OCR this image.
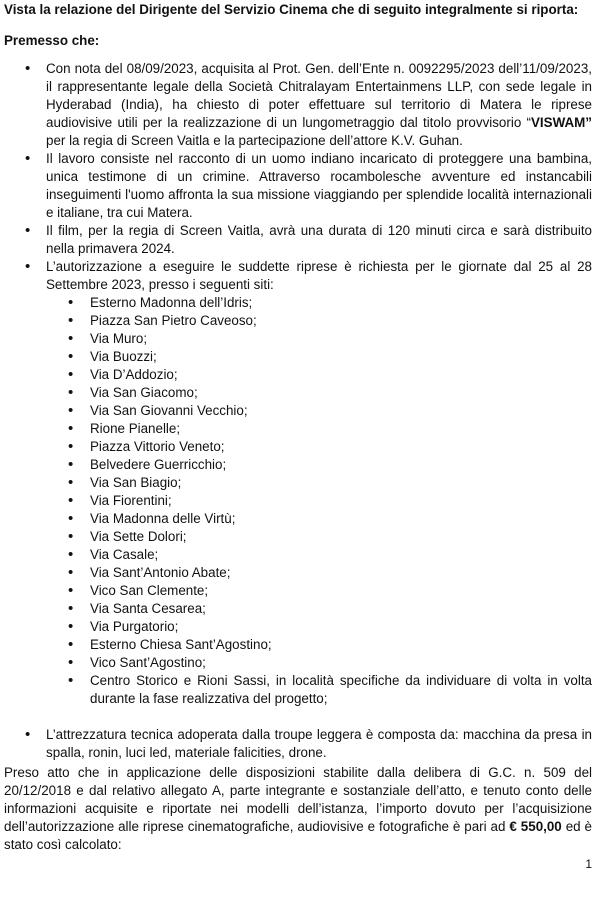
Vista la relazione del Dirigente del Servizio Cinema che di seguito integralmente si riporta:
Premesso che:
• Con nota del 08/09/2023, acquisita al Prot. Gen. dell’Ente n. 0092295/2023 dell’11/09/2023, il rappresentante legale della Società Chitralayam Entertainmens LLP, con sede legale in Hyderabad (India), ha chiesto di poter effettuare sul territorio di Matera le riprese audiovisive utili per la realizzazione di un lungometraggio dal titolo provvisorio “VISWAM” per la regia di Screen Vaitla e la partecipazione dell’attore K.V. Guhan.
• Il lavoro consiste nel racconto di un uomo indiano incaricato di proteggere una bambina, unica testimone di un crimine. Attraverso rocambolesche avventure ed instancabili inseguimenti l'uomo affronta la sua missione viaggiando per splendide località internazionali e italiane, tra cui Matera.
• Il film, per la regia di Screen Vaitla, avrà una durata di 120 minuti circa e sarà distribuito nella primavera 2024.
• L’autorizzazione a eseguire le suddette riprese è richiesta per le giornate dal 25 al 28 Settembre 2023, presso i seguenti siti:
• Esterno Madonna dell’Idris;
• Piazza San Pietro Caveoso;
• Via Muro;
• Via Buozzi;
• Via D’Addozio;
• Via San Giacomo;
• Via San Giovanni Vecchio;
• Rione Pianelle;
• Piazza Vittorio Veneto;
• Belvedere Guerricchio;
• Via San Biagio;
• Via Fiorentini;
• Via Madonna delle Virtù;
• Via Sette Dolori;
• Via Casale;
• Via Sant’Antonio Abate;
• Vico San Clemente;
• Via Santa Cesarea;
• Via Purgatorio;
• Esterno Chiesa Sant’Agostino;
• Vico Sant’Agostino;
• Centro Storico e Rioni Sassi, in località specifiche da individuare di volta in volta durante la fase realizzativa del progetto;
• L’attrezzatura tecnica adoperata dalla troupe leggera è composta da: macchina da presa in spalla, ronin, luci led, materiale falicities, drone.
Preso atto che in applicazione delle disposizioni stabilite dalla delibera di G.C. n. 509 del 20/12/2018 e dal relativo allegato A, parte integrante e sostanziale dell’atto, e tenuto conto delle informazioni acquisite e riportate nei modelli dell’istanza, l’importo dovuto per l’acquisizione dell’autorizzazione alle riprese cinematografiche, audiovisive e fotografiche è pari ad € 550,00 ed è stato così calcolato:
1
